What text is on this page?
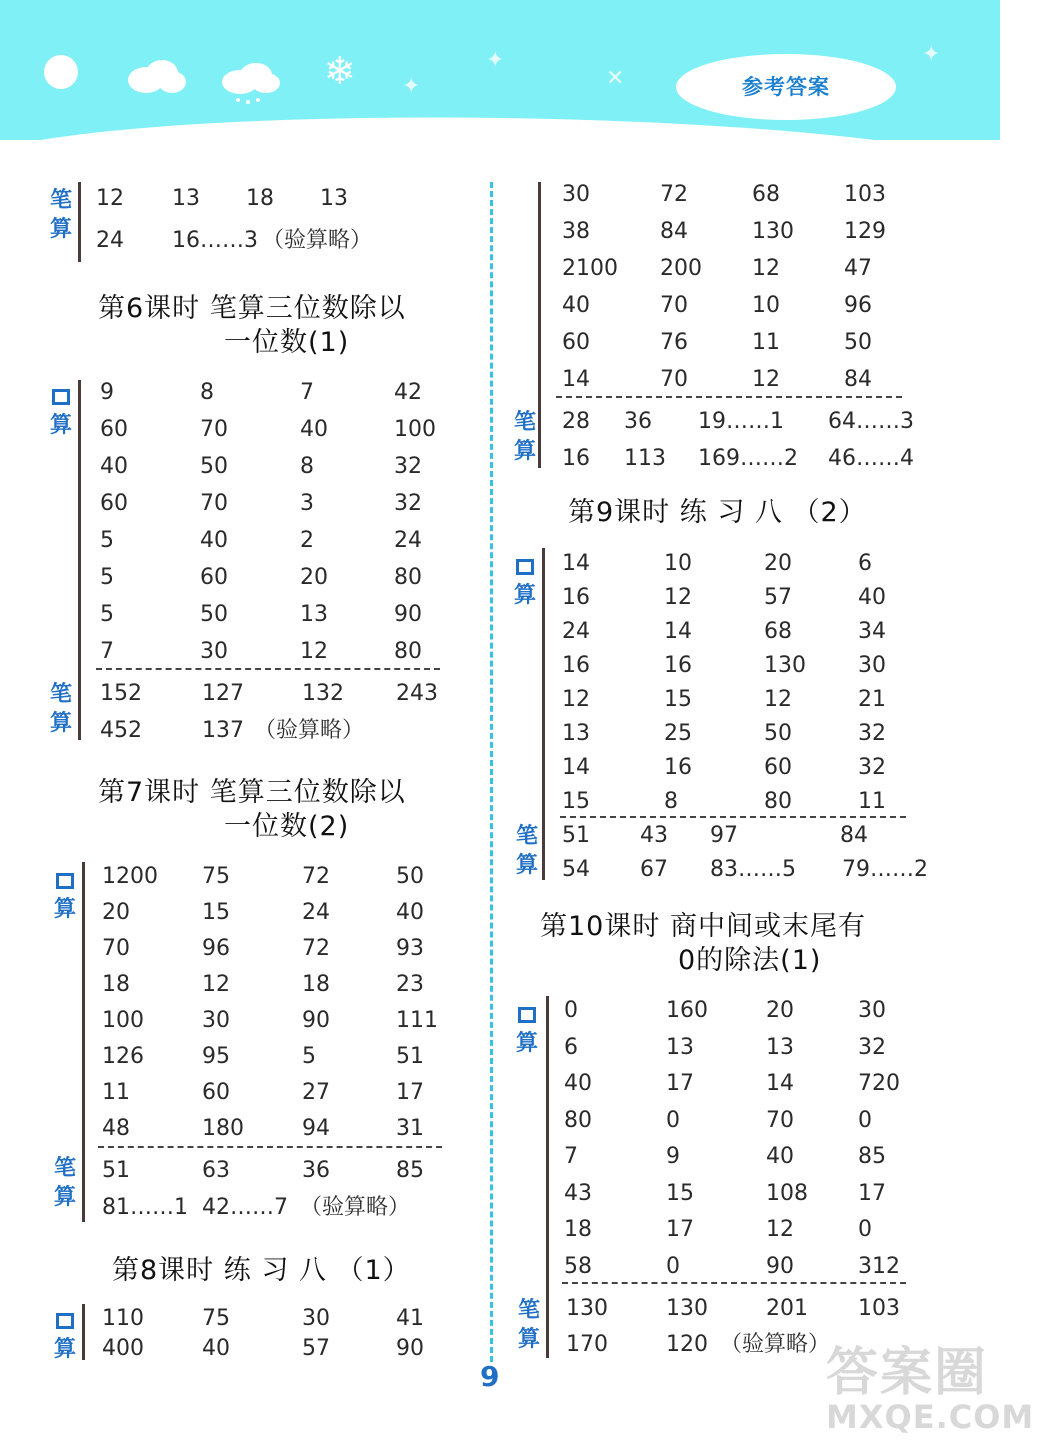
❄ ✦
✦
✕
✦
参考答案
笔
算
12 13 18 13
24 16……3 （验算略）
第6课时 笔算三位数除以
一位数(1)

算
9	8	7	42
60	70	40	100
40	50	8	32
60	70	3	32
5	40	2	24
5	60	20	80
5	50	13	90
7	30	12	80
笔
算
152	127	132 243
452	137 （验算略）
第7课时 笔算三位数除以
一位数(2)

算
1200 75	72	50
20	15	24	40
70	96	72	93
18	12	18	23
100	30	90	111
126	95	5	51
11	60	27	17
48	180	94	31
笔
算
51	63	36	85
81……1 42……7 （验算略）
第8课时 练 习 八 （1）

算
110	75	30	41
400	40	57	90
30	72	68	103
38	84	130 129
2100 200 12	47
40	70	10	96
60	76	11	50
14	70	12	84
笔
算
28 36 19……1 64……3
16 113 169……2 46……4
第9课时 练 习 八 （2）

算
14	10	20	6
16	12	57	40
24	14	68	34
16	16	130 30
12	15	12	21
13	25	50	32
14	16	60	32
15	8	80	11
笔
算
51 43 97	84
54 67 83……5 79……2
第10课时 商中间或末尾有
0的除法(1)

算
0	160	20	30
6	13	13	32
40	17	14	720
80	0	70	0
7	9	40	85
43	15	108 17
18	17	12	0
58	0	90	312
笔
算
130	130	201 103
170	120 （验算略）
9	答案圈
MXQE.COM
